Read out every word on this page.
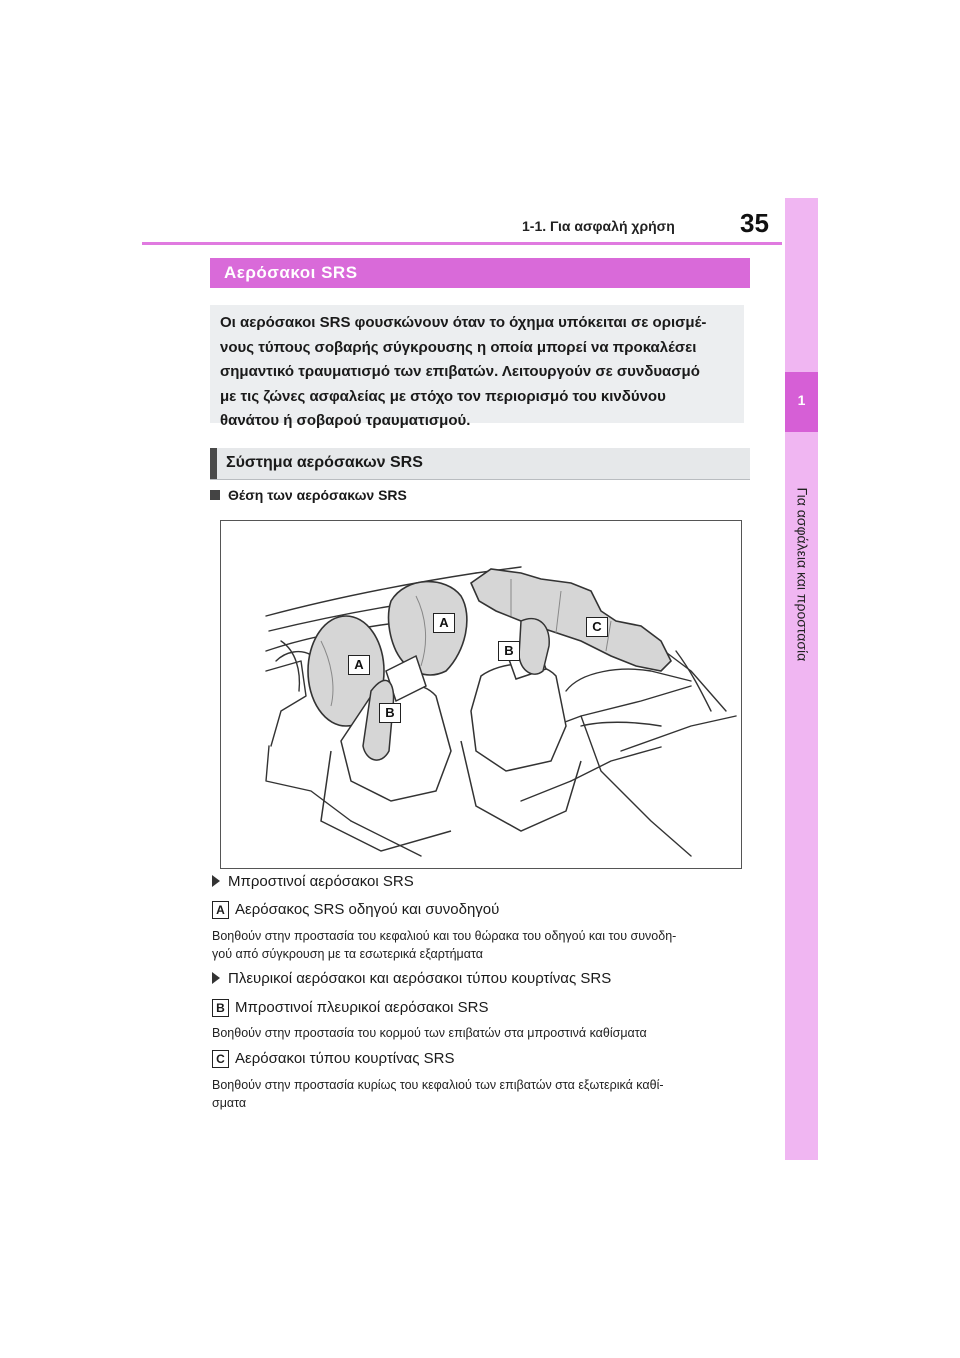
1-1. Για ασφαλή χρήση	35
1
Για ασφάλεια και προστασία
Αερόσακοι SRS

Οι αερόσακοι SRS φουσκώνουν όταν το όχημα υπόκειται σε ορισμέ-

νους τύπους σοβαρής σύγκρουσης η οποία μπορεί να προκαλέσει

σημαντικό τραυματισμό των επιβατών. Λειτουργούν σε συνδυασμό

με τις ζώνες ασφαλείας με στόχο τον περιορισμό του κινδύνου

θανάτου ή σοβαρού τραυματισμού.

Σύστημα αερόσακων SRS
Θέση των αερόσακων SRS
A
A
B
B
C
Μπροστινοί αερόσακοι SRS
A Αερόσακος SRS οδηγού και συνοδηγού
Βοηθούν στην προστασία του κεφαλιού και του θώρακα του οδηγού και του συνοδη-
γού από σύγκρουση με τα εσωτερικά εξαρτήματα
Πλευρικοί αερόσακοι και αερόσακοι τύπου κουρτίνας SRS
B Μπροστινοί πλευρικοί αερόσακοι SRS
Βοηθούν στην προστασία του κορμού των επιβατών στα μπροστινά καθίσματα
C Αερόσακοι τύπου κουρτίνας SRS
Βοηθούν στην προστασία κυρίως του κεφαλιού των επιβατών στα εξωτερικά καθί-
σματα
